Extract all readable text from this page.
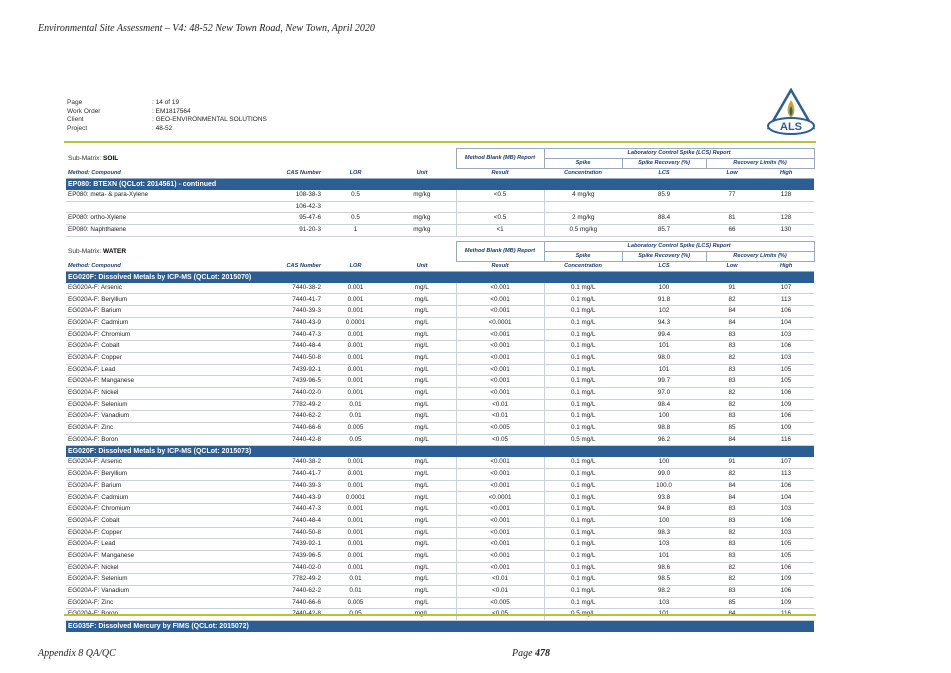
Environmental Site Assessment – V4: 48-52 New Town Road, New Town, April 2020
Page	: 14 of 19
Work Order	: EM1817564
Client	: GEO-ENVIRONMENTAL SOLUTIONS
Project	: 48-52	ALS
Sub-Matrix: SOIL				Method Blank (MB) Report	Laboratory Control Spike (LCS) Report			
					Spike	Spike Recovery (%)	Recovery Limits (%)	
Method: Compound	CAS Number	LOR	Unit	Result	Concentration	LCS	Low	High
EP080: BTEXN (QCLot: 2014561) - continued								
EP080: meta- & para-Xylene	108-38-3	0.5	mg/kg	<0.5	4 mg/kg	85.9	77	128
	106-42-3							
EP080: ortho-Xylene	95-47-6	0.5	mg/kg	<0.5	2 mg/kg	88.4	81	128
EP080: Naphthalene	91-20-3	1	mg/kg	<1	0.5 mg/kg	85.7	66	130

Sub-Matrix: WATER				Method Blank (MB) Report	Laboratory Control Spike (LCS) Report			
					Spike	Spike Recovery (%)	Recovery Limits (%)	
Method: Compound	CAS Number	LOR	Unit	Result	Concentration	LCS	Low	High
EG020F: Dissolved Metals by ICP-MS (QCLot: 2015070)								
EG020A-F: Arsenic	7440-38-2	0.001	mg/L	<0.001	0.1 mg/L	100	91	107
EG020A-F: Beryllium	7440-41-7	0.001	mg/L	<0.001	0.1 mg/L	91.8	82	113
EG020A-F: Barium	7440-39-3	0.001	mg/L	<0.001	0.1 mg/L	102	84	106
EG020A-F: Cadmium	7440-43-9	0.0001	mg/L	<0.0001	0.1 mg/L	94.3	84	104
EG020A-F: Chromium	7440-47-3	0.001	mg/L	<0.001	0.1 mg/L	99.4	83	103
EG020A-F: Cobalt	7440-48-4	0.001	mg/L	<0.001	0.1 mg/L	101	83	106
EG020A-F: Copper	7440-50-8	0.001	mg/L	<0.001	0.1 mg/L	98.0	82	103
EG020A-F: Lead	7439-92-1	0.001	mg/L	<0.001	0.1 mg/L	101	83	105
EG020A-F: Manganese	7439-96-5	0.001	mg/L	<0.001	0.1 mg/L	99.7	83	105
EG020A-F: Nickel	7440-02-0	0.001	mg/L	<0.001	0.1 mg/L	97.0	82	106
EG020A-F: Selenium	7782-49-2	0.01	mg/L	<0.01	0.1 mg/L	98.4	82	109
EG020A-F: Vanadium	7440-62-2	0.01	mg/L	<0.01	0.1 mg/L	100	83	106
EG020A-F: Zinc	7440-66-6	0.005	mg/L	<0.005	0.1 mg/L	98.8	85	109
EG020A-F: Boron	7440-42-8	0.05	mg/L	<0.05	0.5 mg/L	96.2	84	116
EG020F: Dissolved Metals by ICP-MS (QCLot: 2015073)								
EG020A-F: Arsenic	7440-38-2	0.001	mg/L	<0.001	0.1 mg/L	100	91	107
EG020A-F: Beryllium	7440-41-7	0.001	mg/L	<0.001	0.1 mg/L	99.0	82	113
EG020A-F: Barium	7440-39-3	0.001	mg/L	<0.001	0.1 mg/L	100.0	84	106
EG020A-F: Cadmium	7440-43-9	0.0001	mg/L	<0.0001	0.1 mg/L	93.8	84	104
EG020A-F: Chromium	7440-47-3	0.001	mg/L	<0.001	0.1 mg/L	94.8	83	103
EG020A-F: Cobalt	7440-48-4	0.001	mg/L	<0.001	0.1 mg/L	100	83	106
EG020A-F: Copper	7440-50-8	0.001	mg/L	<0.001	0.1 mg/L	98.3	82	103
EG020A-F: Lead	7439-92-1	0.001	mg/L	<0.001	0.1 mg/L	103	83	105
EG020A-F: Manganese	7439-96-5	0.001	mg/L	<0.001	0.1 mg/L	101	83	105
EG020A-F: Nickel	7440-02-0	0.001	mg/L	<0.001	0.1 mg/L	98.6	82	106
EG020A-F: Selenium	7782-49-2	0.01	mg/L	<0.01	0.1 mg/L	98.5	82	109
EG020A-F: Vanadium	7440-62-2	0.01	mg/L	<0.01	0.1 mg/L	98.2	83	106
EG020A-F: Zinc	7440-66-6	0.005	mg/L	<0.005	0.1 mg/L	103	85	109

EG035F: Dissolved Mercury by FIMS (QCLot: 2015072)								
Appendix 8 QA/QC	Page 478
